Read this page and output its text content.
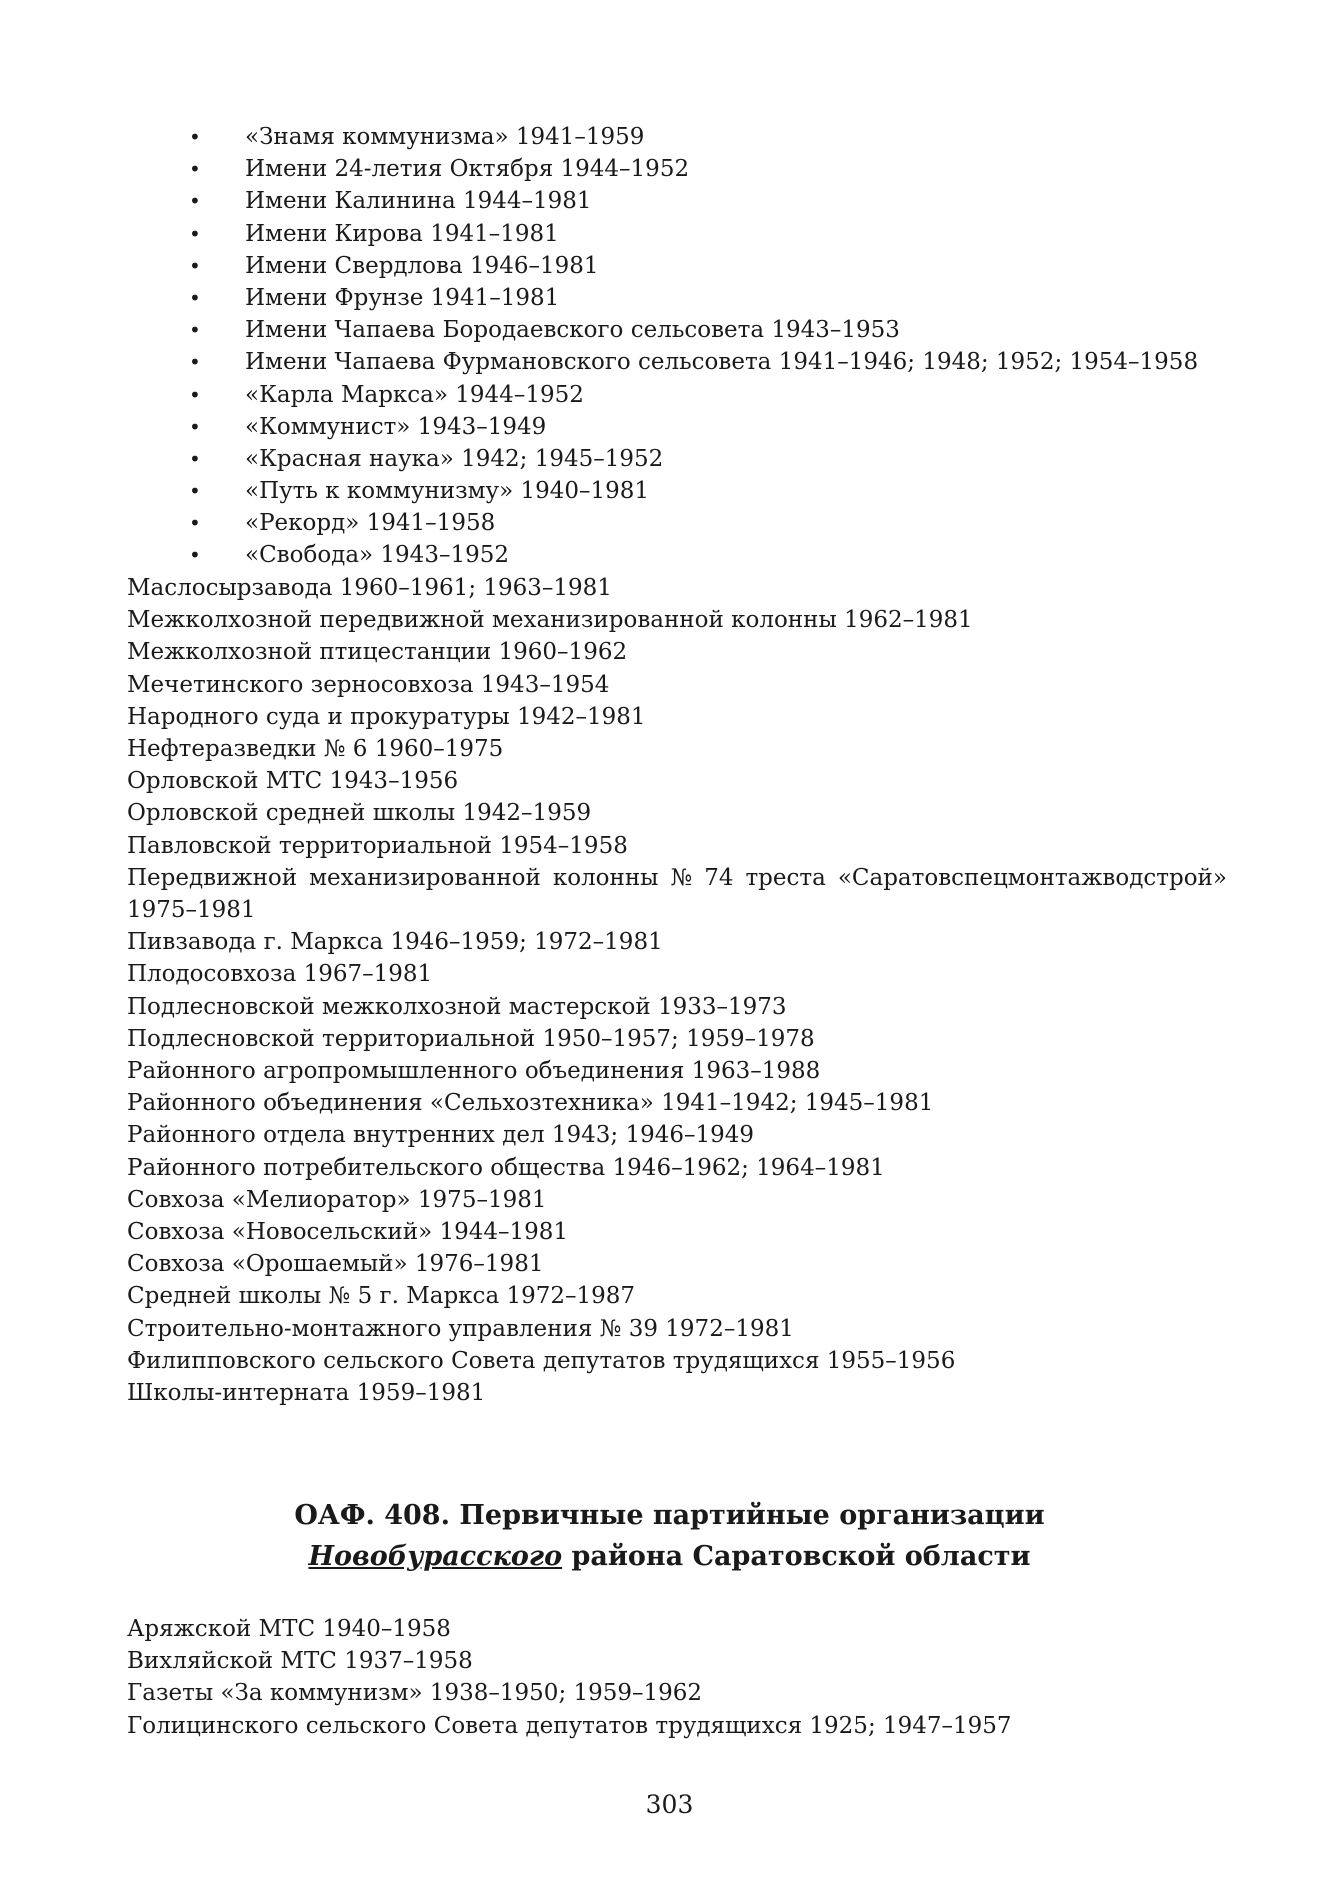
• «Знамя коммунизма» 1941–1959
• Имени 24-летия Октября 1944–1952
• Имени Калинина 1944–1981
• Имени Кирова 1941–1981
• Имени Свердлова 1946–1981
• Имени Фрунзе 1941–1981
• Имени Чапаева Бородаевского сельсовета 1943–1953
• Имени Чапаева Фурмановского сельсовета 1941–1946; 1948; 1952; 1954–1958
• «Карла Маркса» 1944–1952
• «Коммунист» 1943–1949
• «Красная наука» 1942; 1945–1952
• «Путь к коммунизму» 1940–1981
• «Рекорд» 1941–1958
• «Свобода» 1943–1952
Маслосырзавода 1960–1961; 1963–1981
Межколхозной передвижной механизированной колонны 1962–1981
Межколхозной птицестанции 1960–1962
Мечетинского зерносовхоза 1943–1954
Народного суда и прокуратуры 1942–1981
Нефтеразведки № 6 1960–1975
Орловской МТС 1943–1956
Орловской средней школы 1942–1959
Павловской территориальной 1954–1958
Передвижной механизированной колонны № 74 треста «Саратовспецмонтажводстрой»
1975–1981
Пивзавода г. Маркса 1946–1959; 1972–1981
Плодосовхоза 1967–1981
Подлесновской межколхозной мастерской 1933–1973
Подлесновской территориальной 1950–1957; 1959–1978
Районного агропромышленного объединения 1963–1988
Районного объединения «Сельхозтехника» 1941–1942; 1945–1981
Районного отдела внутренних дел 1943; 1946–1949
Районного потребительского общества 1946–1962; 1964–1981
Совхоза «Мелиоратор» 1975–1981
Совхоза «Новосельский» 1944–1981
Совхоза «Орошаемый» 1976–1981
Средней школы № 5 г. Маркса 1972–1987
Строительно-монтажного управления № 39 1972–1981
Филипповского сельского Совета депутатов трудящихся 1955–1956
Школы-интерната 1959–1981
ОАФ. 408. Первичные партийные организации
Новобурасского района Саратовской области
Аряжской МТС 1940–1958
Вихляйской МТС 1937–1958
Газеты «За коммунизм» 1938–1950; 1959–1962
Голицинского сельского Совета депутатов трудящихся 1925; 1947–1957
303
